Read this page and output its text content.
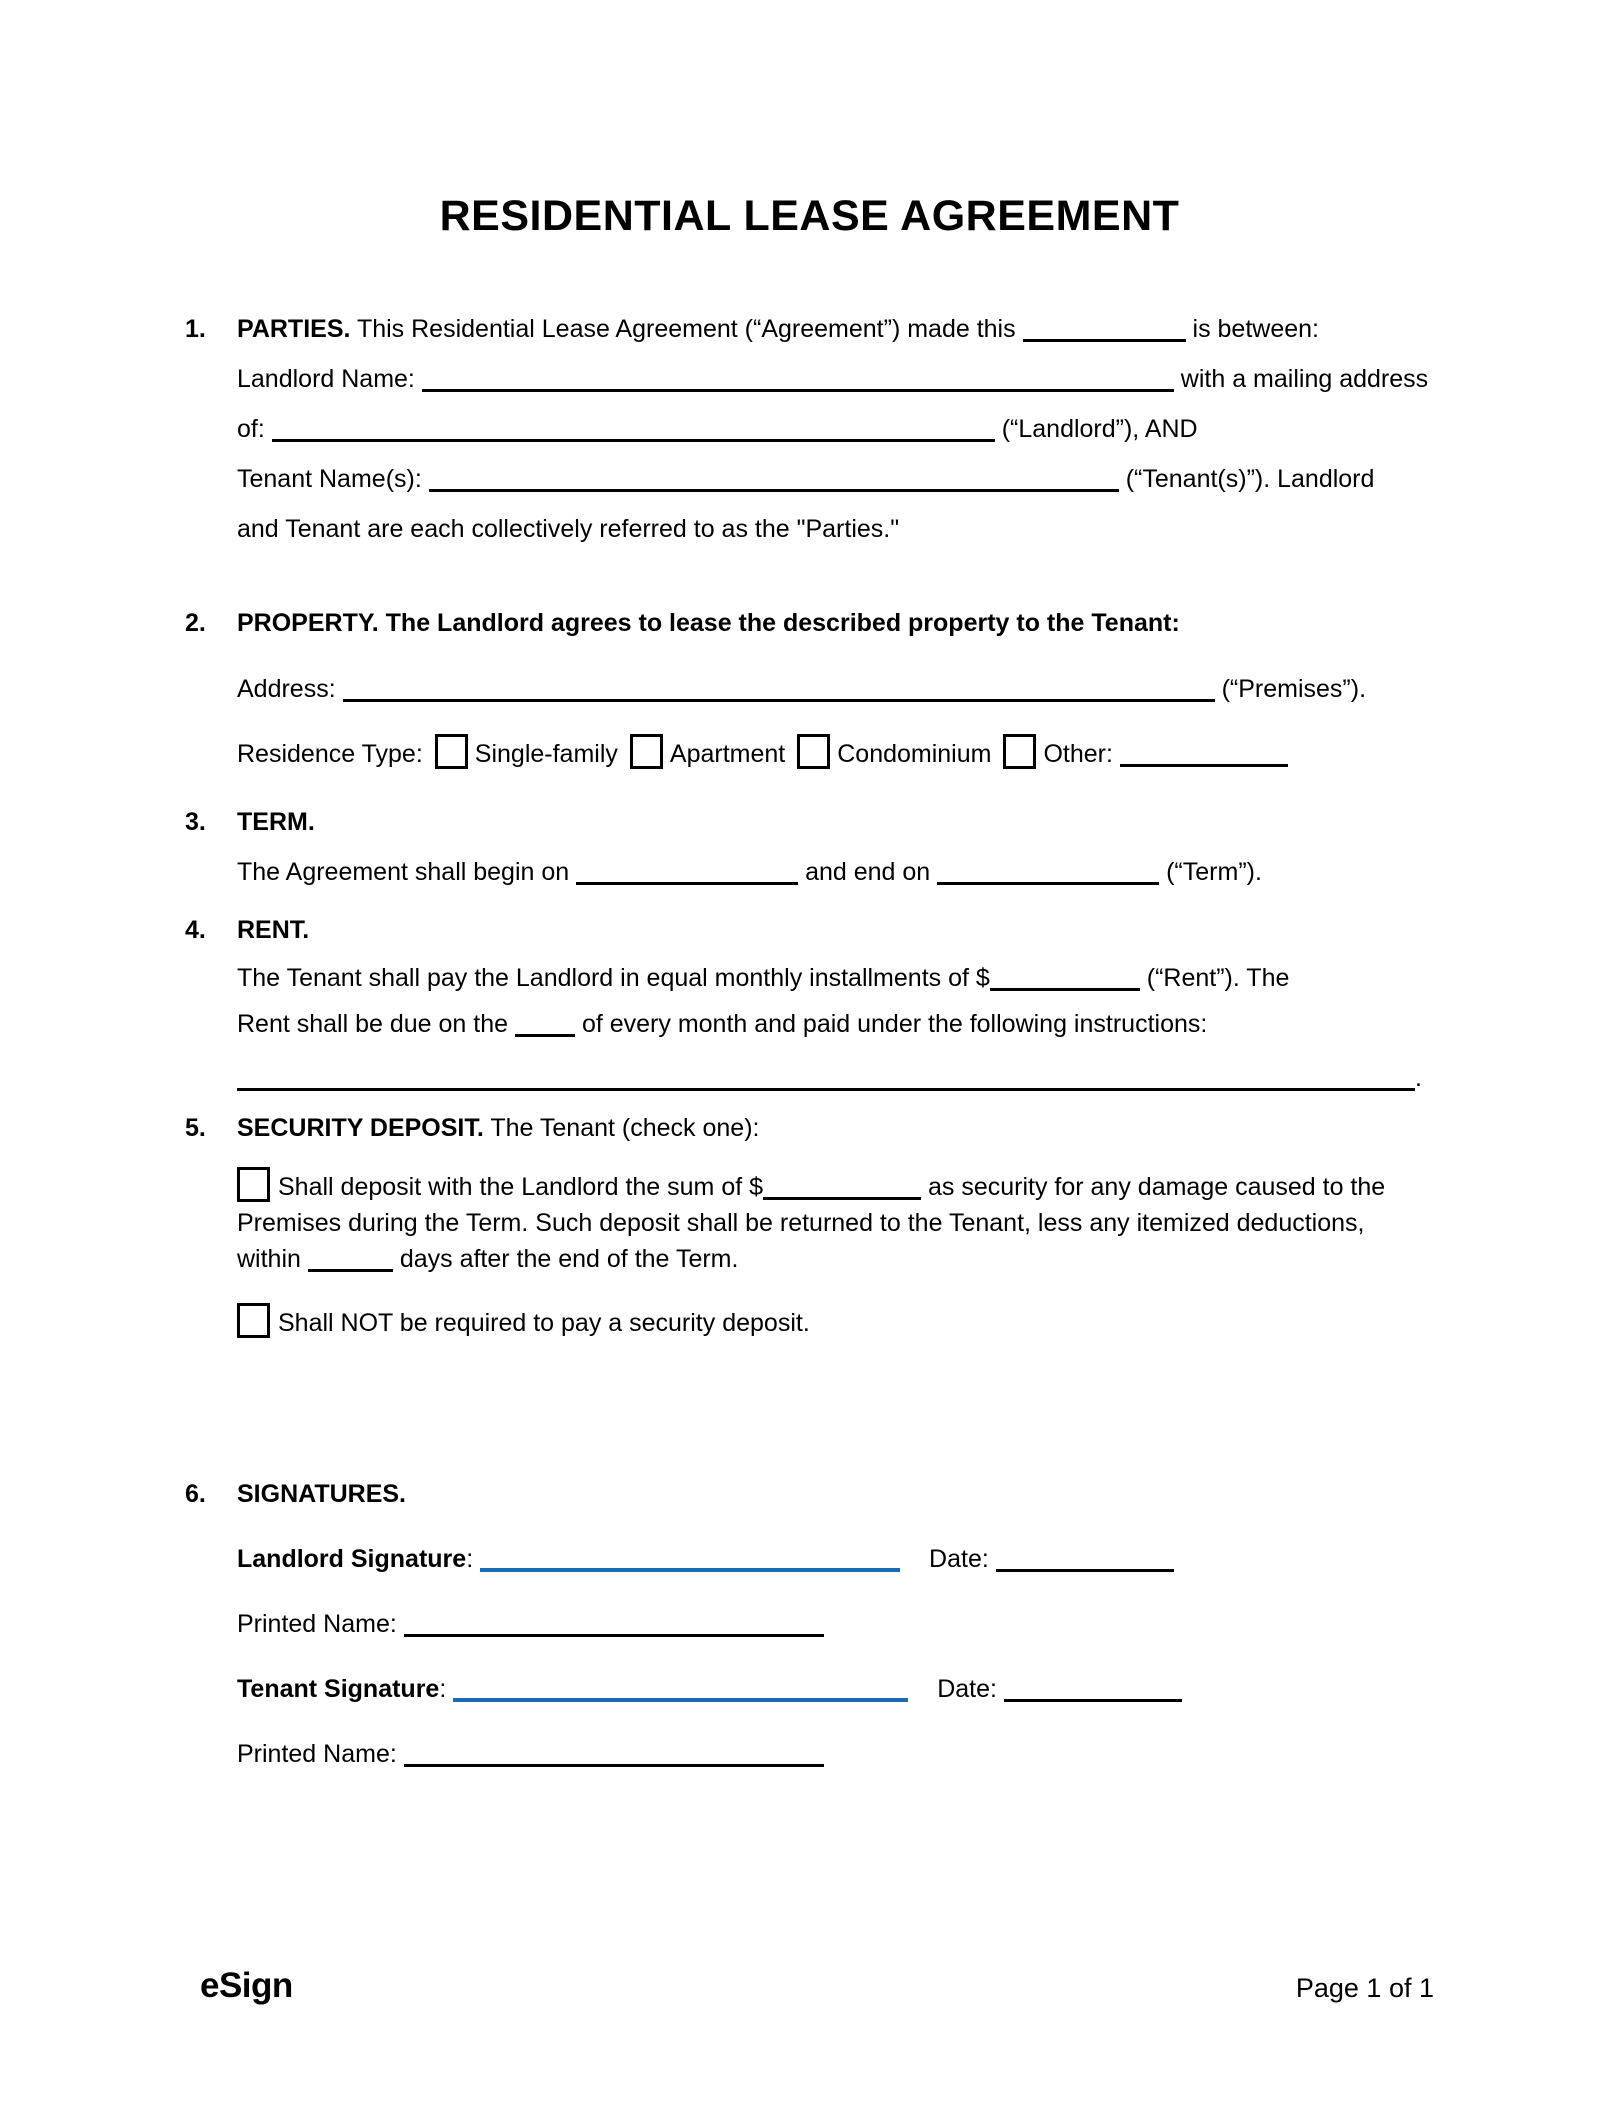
RESIDENTIAL LEASE AGREEMENT
1.	PARTIES. This Residential Lease Agreement (“Agreement”) made this	is between:
Landlord Name:	with a mailing address
of:	(“Landlord”), AND
Tenant Name(s):	(“Tenant(s)”). Landlord
and Tenant are each collectively referred to as the "Parties."
2.	PROPERTY. The Landlord agrees to lease the described property to the Tenant:
Address:	(“Premises”).
Residence Type: Single-family Apartment Condominium Other:
3.	TERM.
The Agreement shall begin on	and end on	(“Term”).
4.	RENT.
The Tenant shall pay the Landlord in equal monthly installments of $	(“Rent”). The
Rent shall be due on the	of every month and paid under the following instructions:
.
5.	SECURITY DEPOSIT. The Tenant (check one):
Shall deposit with the Landlord the sum of $	as security for any damage caused to the Premises during the Term. Such deposit shall be returned to the Tenant, less any itemized deductions, within	days after the end of the Term.
Shall NOT be required to pay a security deposit.
6.	SIGNATURES.
Landlord Signature:	Date:
Printed Name:
Tenant Signature:	Date:
Printed Name:
eSign	Page 1 of 1
